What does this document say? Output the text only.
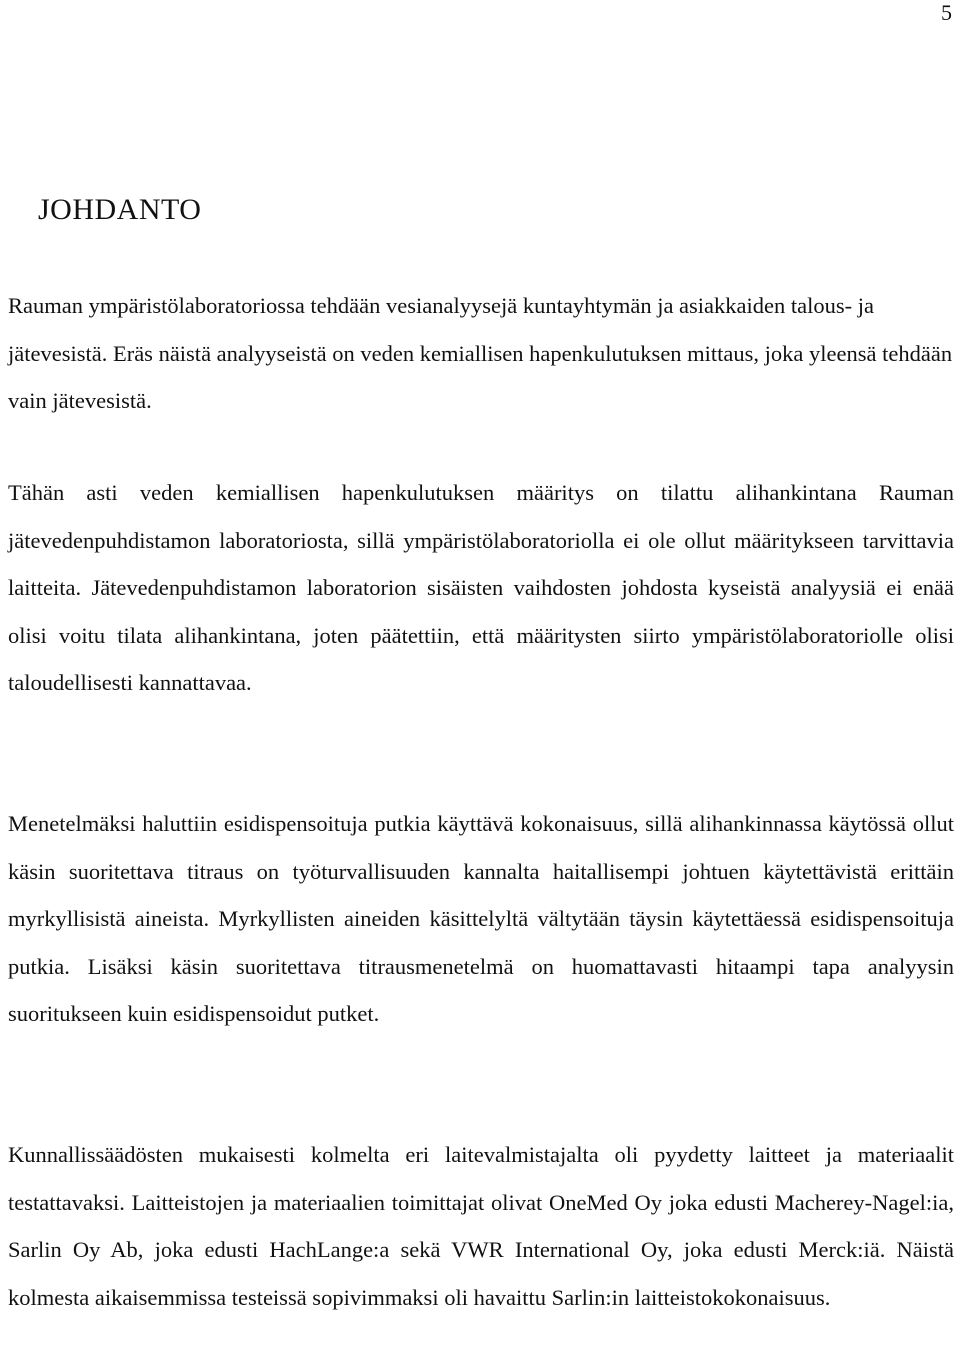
5
JOHDANTO

Rauman ympäristölaboratoriossa tehdään vesianalyysejä kuntayhtymän ja asiakkaiden talous- ja jätevesistä. Eräs näistä analyyseistä on veden kemiallisen hapenkulutuksen mittaus, joka yleensä tehdään vain jätevesistä.

Tähän asti veden kemiallisen hapenkulutuksen määritys on tilattu alihankintana Rauman jätevedenpuhdistamon laboratoriosta, sillä ympäristölaboratoriolla ei ole ollut määritykseen tarvittavia laitteita. Jätevedenpuhdistamon laboratorion sisäisten vaihdosten johdosta kyseistä analyysiä ei enää olisi voitu tilata alihankintana, joten päätettiin, että määritysten siirto ympäristölaboratoriolle olisi taloudellisesti kannattavaa.

Menetelmäksi haluttiin esidispensoituja putkia käyttävä kokonaisuus, sillä alihankinnassa käytössä ollut käsin suoritettava titraus on työturvallisuuden kannalta haitallisempi johtuen käytettävistä erittäin myrkyllisistä aineista. Myrkyllisten aineiden käsittelyltä vältytään täysin käytettäessä esidispensoituja putkia. Lisäksi käsin suoritettava titrausmenetelmä on huomattavasti hitaampi tapa analyysin suoritukseen kuin esidispensoidut putket.

Kunnallissäädösten mukaisesti kolmelta eri laitevalmistajalta oli pyydetty laitteet ja materiaalit testattavaksi. Laitteistojen ja materiaalien toimittajat olivat OneMed Oy joka edusti Macherey-Nagel:ia, Sarlin Oy Ab, joka edusti HachLange:a sekä VWR International Oy, joka edusti Merck:iä. Näistä kolmesta aikaisemmissa testeissä sopivimmaksi oli havaittu Sarlin:in laitteistokokonaisuus.
